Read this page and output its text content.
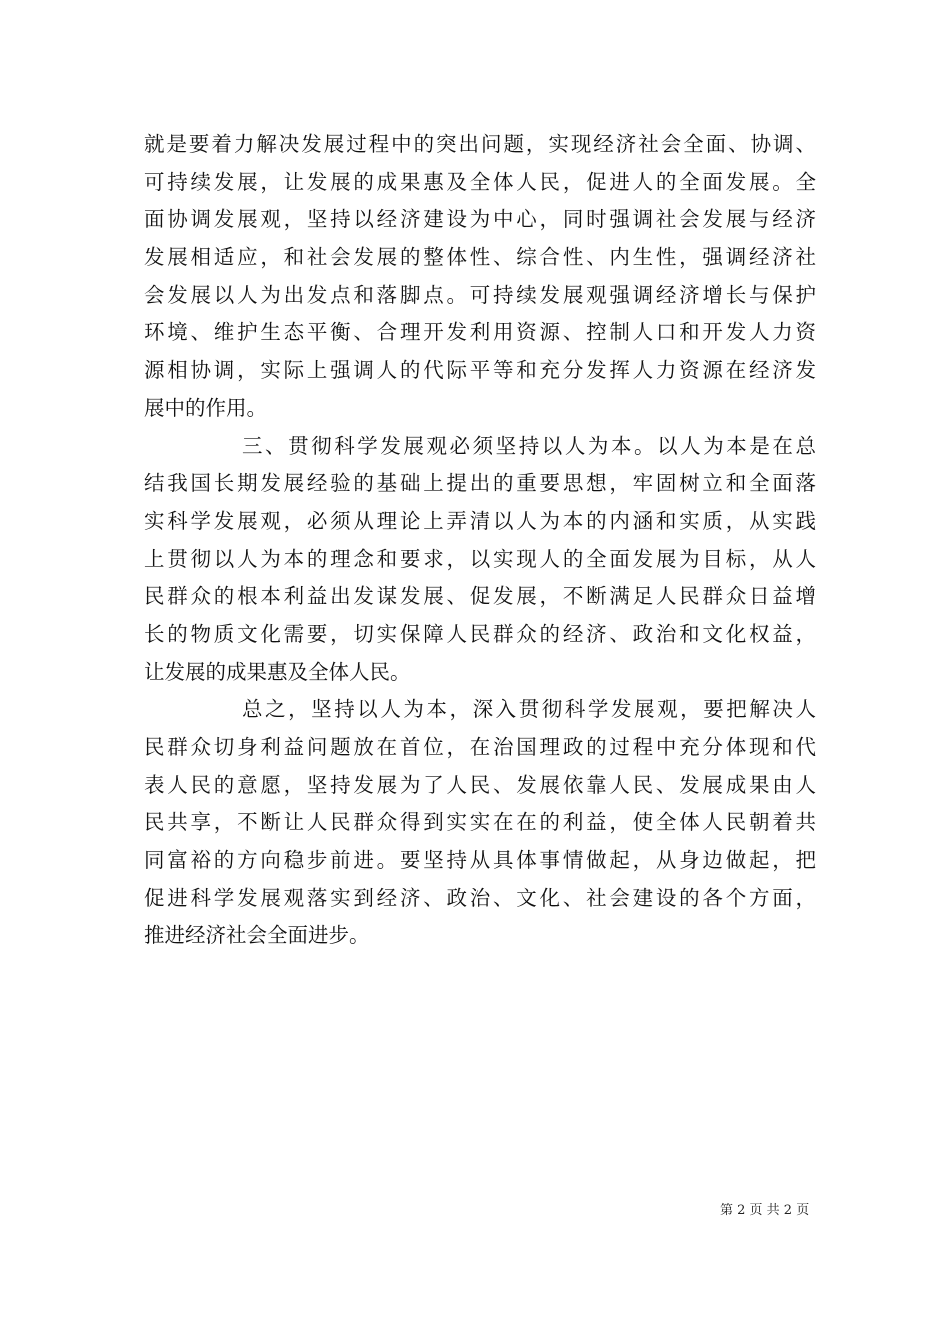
就是要着力解决发展过程中的突出问题，实现经济社会全面、协调、
可持续发展，让发展的成果惠及全体人民，促进人的全面发展。全
面协调发展观，坚持以经济建设为中心，同时强调社会发展与经济
发展相适应，和社会发展的整体性、综合性、内生性，强调经济社
会发展以人为出发点和落脚点。可持续发展观强调经济增长与保护
环境、维护生态平衡、合理开发利用资源、控制人口和开发人力资
源相协调，实际上强调人的代际平等和充分发挥人力资源在经济发
展中的作用。
三、贯彻科学发展观必须坚持以人为本。以人为本是在总
结我国长期发展经验的基础上提出的重要思想，牢固树立和全面落
实科学发展观，必须从理论上弄清以人为本的内涵和实质，从实践
上贯彻以人为本的理念和要求，以实现人的全面发展为目标，从人
民群众的根本利益出发谋发展、促发展，不断满足人民群众日益增
长的物质文化需要，切实保障人民群众的经济、政治和文化权益，
让发展的成果惠及全体人民。
总之，坚持以人为本，深入贯彻科学发展观，要把解决人
民群众切身利益问题放在首位，在治国理政的过程中充分体现和代
表人民的意愿，坚持发展为了人民、发展依靠人民、发展成果由人
民共享，不断让人民群众得到实实在在的利益，使全体人民朝着共
同富裕的方向稳步前进。要坚持从具体事情做起，从身边做起，把
促进科学发展观落实到经济、政治、文化、社会建设的各个方面，
推进经济社会全面进步。
第 2 页 共 2 页
